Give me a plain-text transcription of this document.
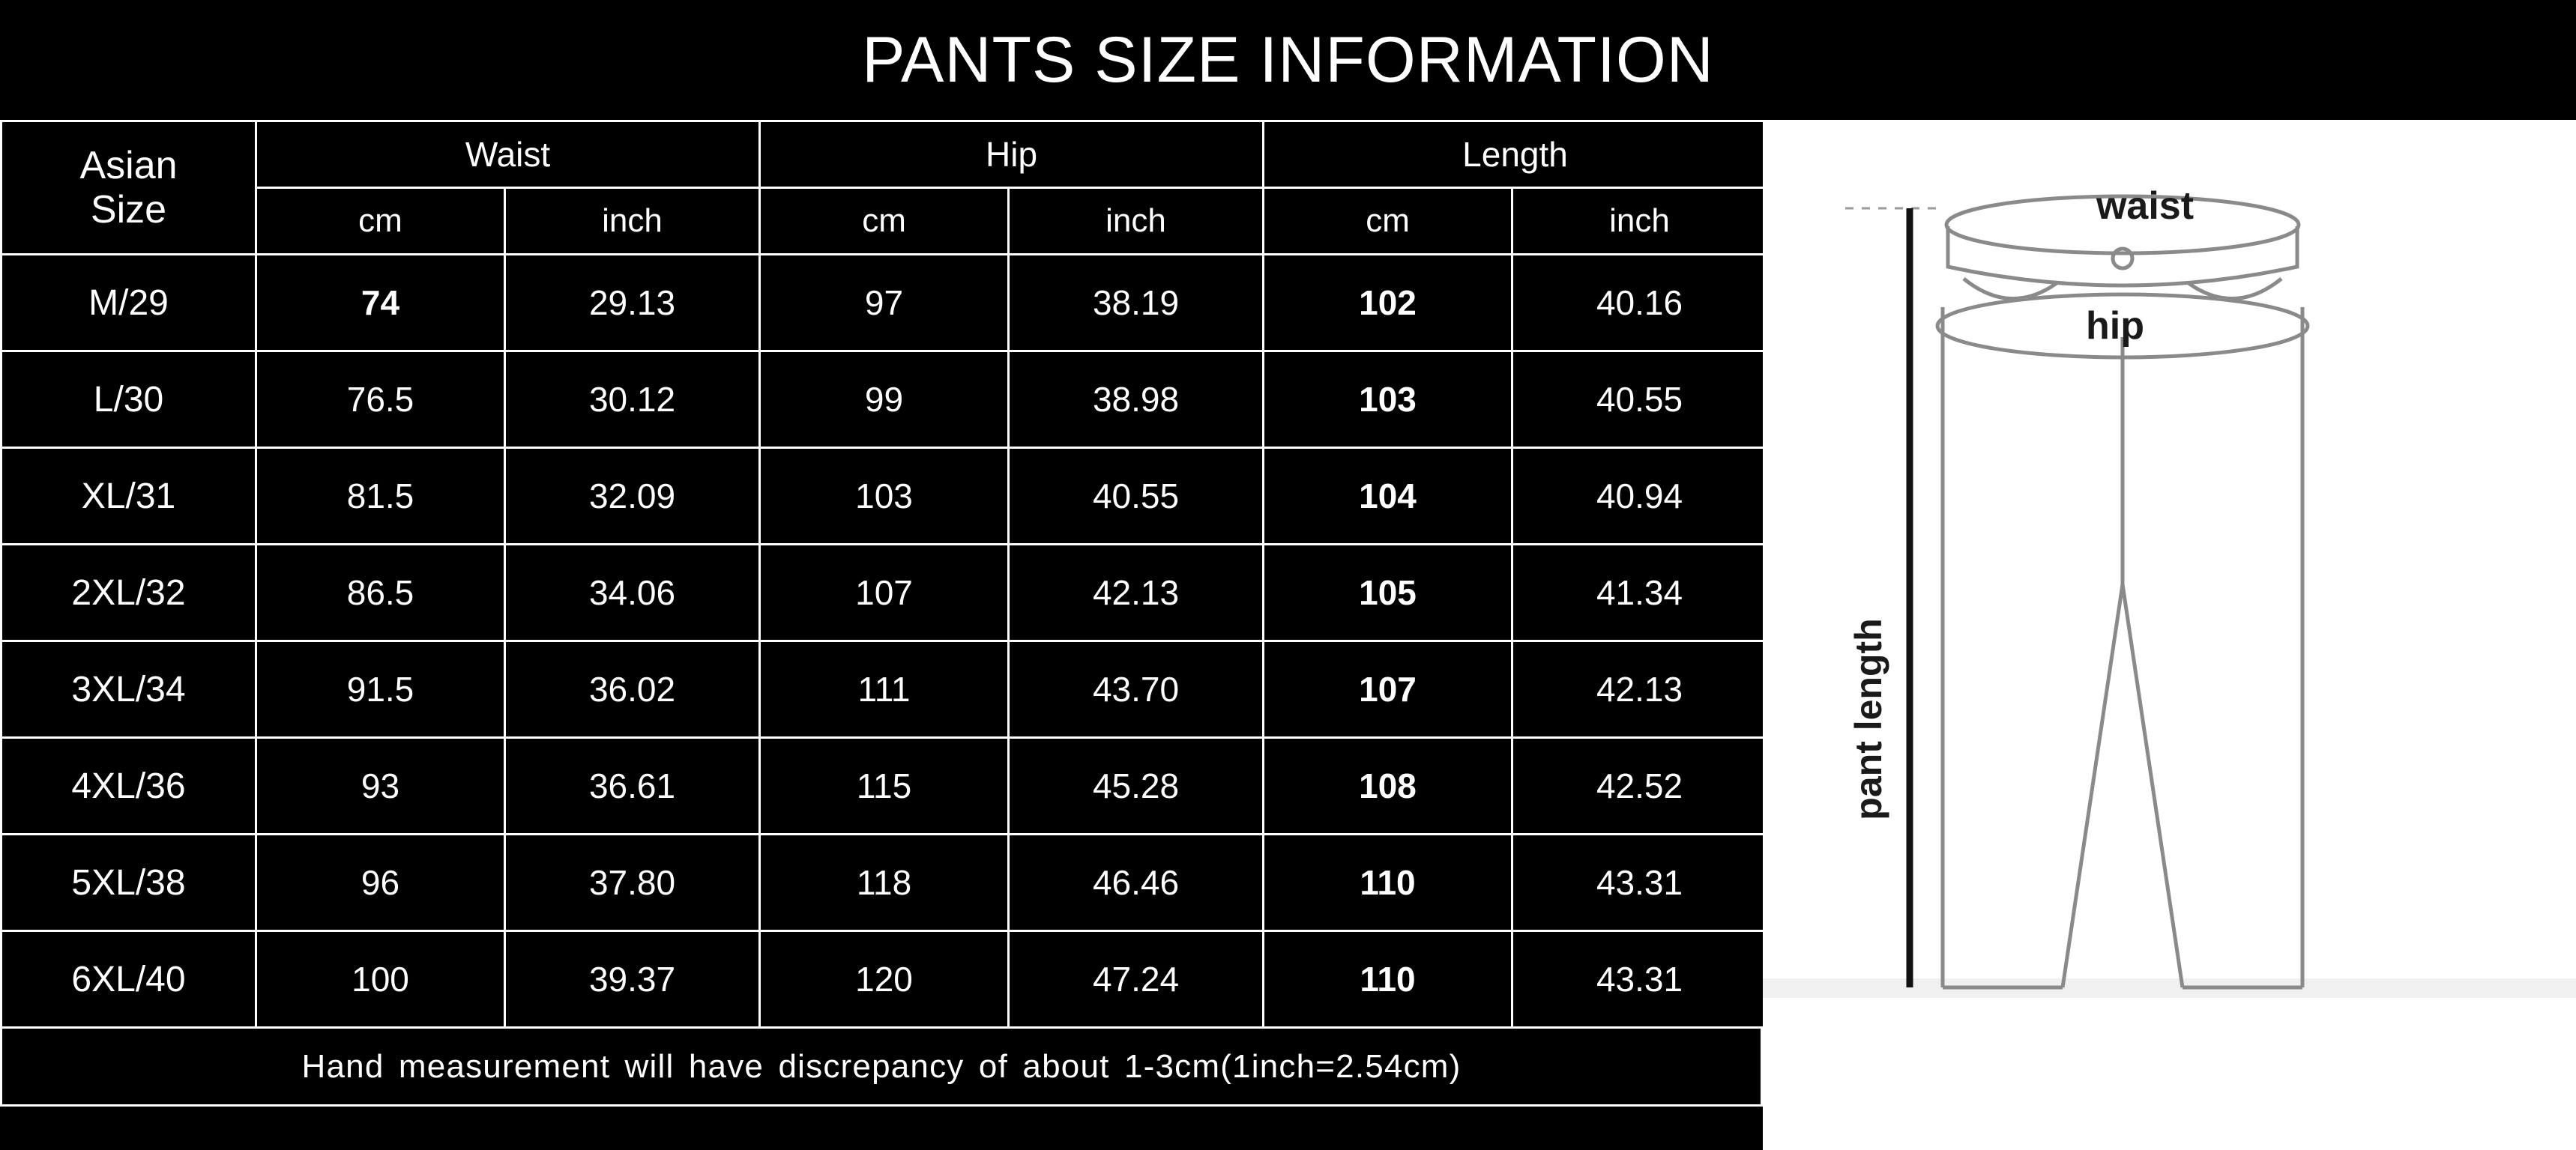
PANTS SIZE INFORMATION
Asian
Size	Waist		Hip		Length	
	cm	inch	cm	inch	cm	inch
M/29	74	29.13	97	38.19	102	40.16
L/30	76.5	30.12	99	38.98	103	40.55
XL/31	81.5	32.09	103	40.55	104	40.94
2XL/32	86.5	34.06	107	42.13	105	41.34
3XL/34	91.5	36.02	111	43.70	107	42.13
4XL/36	93	36.61	115	45.28	108	42.52
5XL/38	96	37.80	118	46.46	110	43.31
6XL/40	100	39.37	120	47.24	110	43.31
Hand measurement will have discrepancy of about 1-3cm(1inch=2.54cm)
waist
hip
pant length
